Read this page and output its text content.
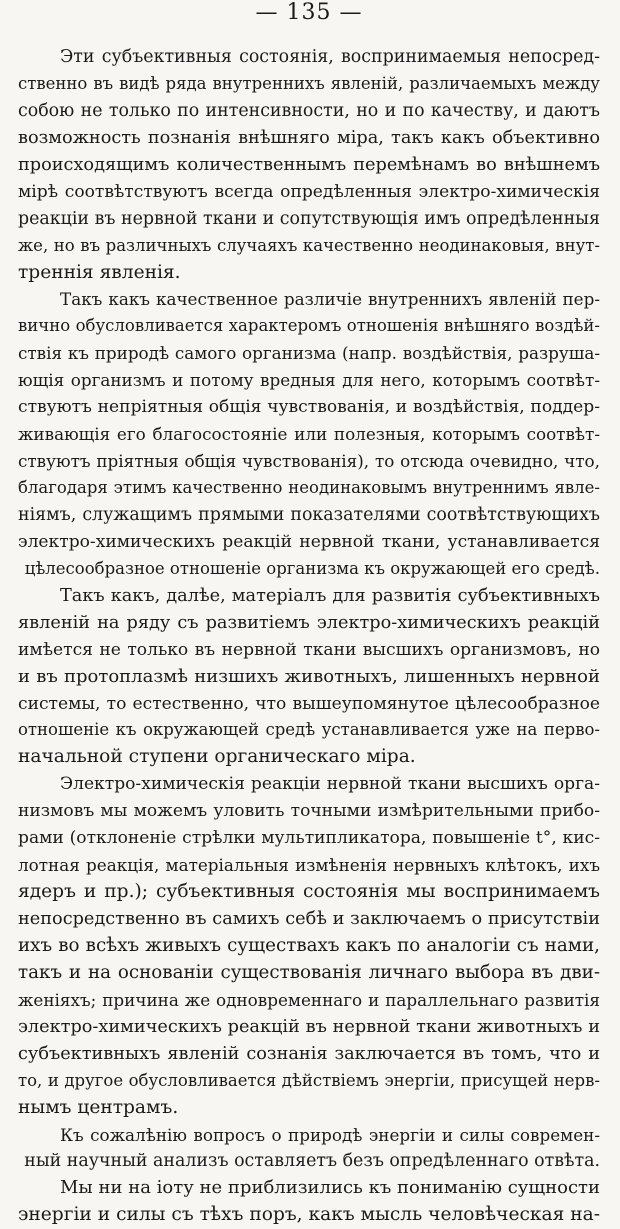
— 135 —
Эти субъективныя состоянія, воспринимаемыя непосред-
ственно въ видѣ ряда внутреннихъ явленій, различаемыхъ между
собою не только по интенсивности, но и по качеству, и даютъ
возможность познанія внѣшняго міра, такъ какъ объективно
происходящимъ количественнымъ перемѣнамъ во внѣшнемъ
мірѣ соотвѣтствуютъ всегда опредѣленныя электро-химическія
реакціи въ нервной ткани и сопутствующія имъ опредѣленныя
же, но въ различныхъ случаяхъ качественно неодинаковыя, внут-
треннія явленія.
Такъ какъ качественное различіе внутреннихъ явленій пер-
вично обусловливается характеромъ отношенія внѣшняго воздѣй-
ствія къ природѣ самого организма (напр. воздѣйствія, разруша-
ющія организмъ и потому вредныя для него, которымъ соотвѣт-
ствуютъ непріятныя общія чувствованія, и воздѣйствія, поддер-
живающія его благосостояніе или полезныя, которымъ соотвѣт-
ствуютъ пріятныя общія чувствованія), то отсюда очевидно, что,
благодаря этимъ качественно неодинаковымъ внутреннимъ явле-
ніямъ, служащимъ прямыми показателями соотвѣтствующихъ
электро-химическихъ реакцій нервной ткани, устанавливается
цѣлесообразное отношеніе организма къ окружающей его средѣ.
Такъ какъ, далѣе, матеріалъ для развитія субъективныхъ
явленій на ряду съ развитіемъ электро-химическихъ реакцій
имѣется не только въ нервной ткани высшихъ организмовъ, но
и въ протоплазмѣ низшихъ животныхъ, лишенныхъ нервной
системы, то естественно, что вышеупомянутое цѣлесообразное
отношеніе къ окружающей средѣ устанавливается уже на перво-
начальной ступени органическаго міра.
Электро-химическія реакціи нервной ткани высшихъ орга-
низмовъ мы можемъ уловить точными измѣрительными прибо-
рами (отклоненіе стрѣлки мультипликатора, повышеніе t°, кис-
лотная реакція, матеріальныя измѣненія нервныхъ клѣтокъ, ихъ
ядеръ и пр.); субъективныя состоянія мы воспринимаемъ
непосредственно въ самихъ себѣ и заключаемъ о присутствіи
ихъ во всѣхъ живыхъ существахъ какъ по аналогіи съ нами,
такъ и на основаніи существованія личнаго выбора въ дви-
женіяхъ; причина же одновременнаго и параллельнаго развитія
электро-химическихъ реакцій въ нервной ткани животныхъ и
субъективныхъ явленій сознанія заключается въ томъ, что и
то, и другое обусловливается дѣйствіемъ энергіи, присущей нерв-
нымъ центрамъ.
Къ сожалѣнію вопросъ о природѣ энергіи и силы современ-
ный научный анализъ оставляетъ безъ опредѣленнаго отвѣта.
Мы ни на іоту не приблизились къ пониманію сущности
энергіи и силы съ тѣхъ поръ, какъ мысль человѣческая на-
